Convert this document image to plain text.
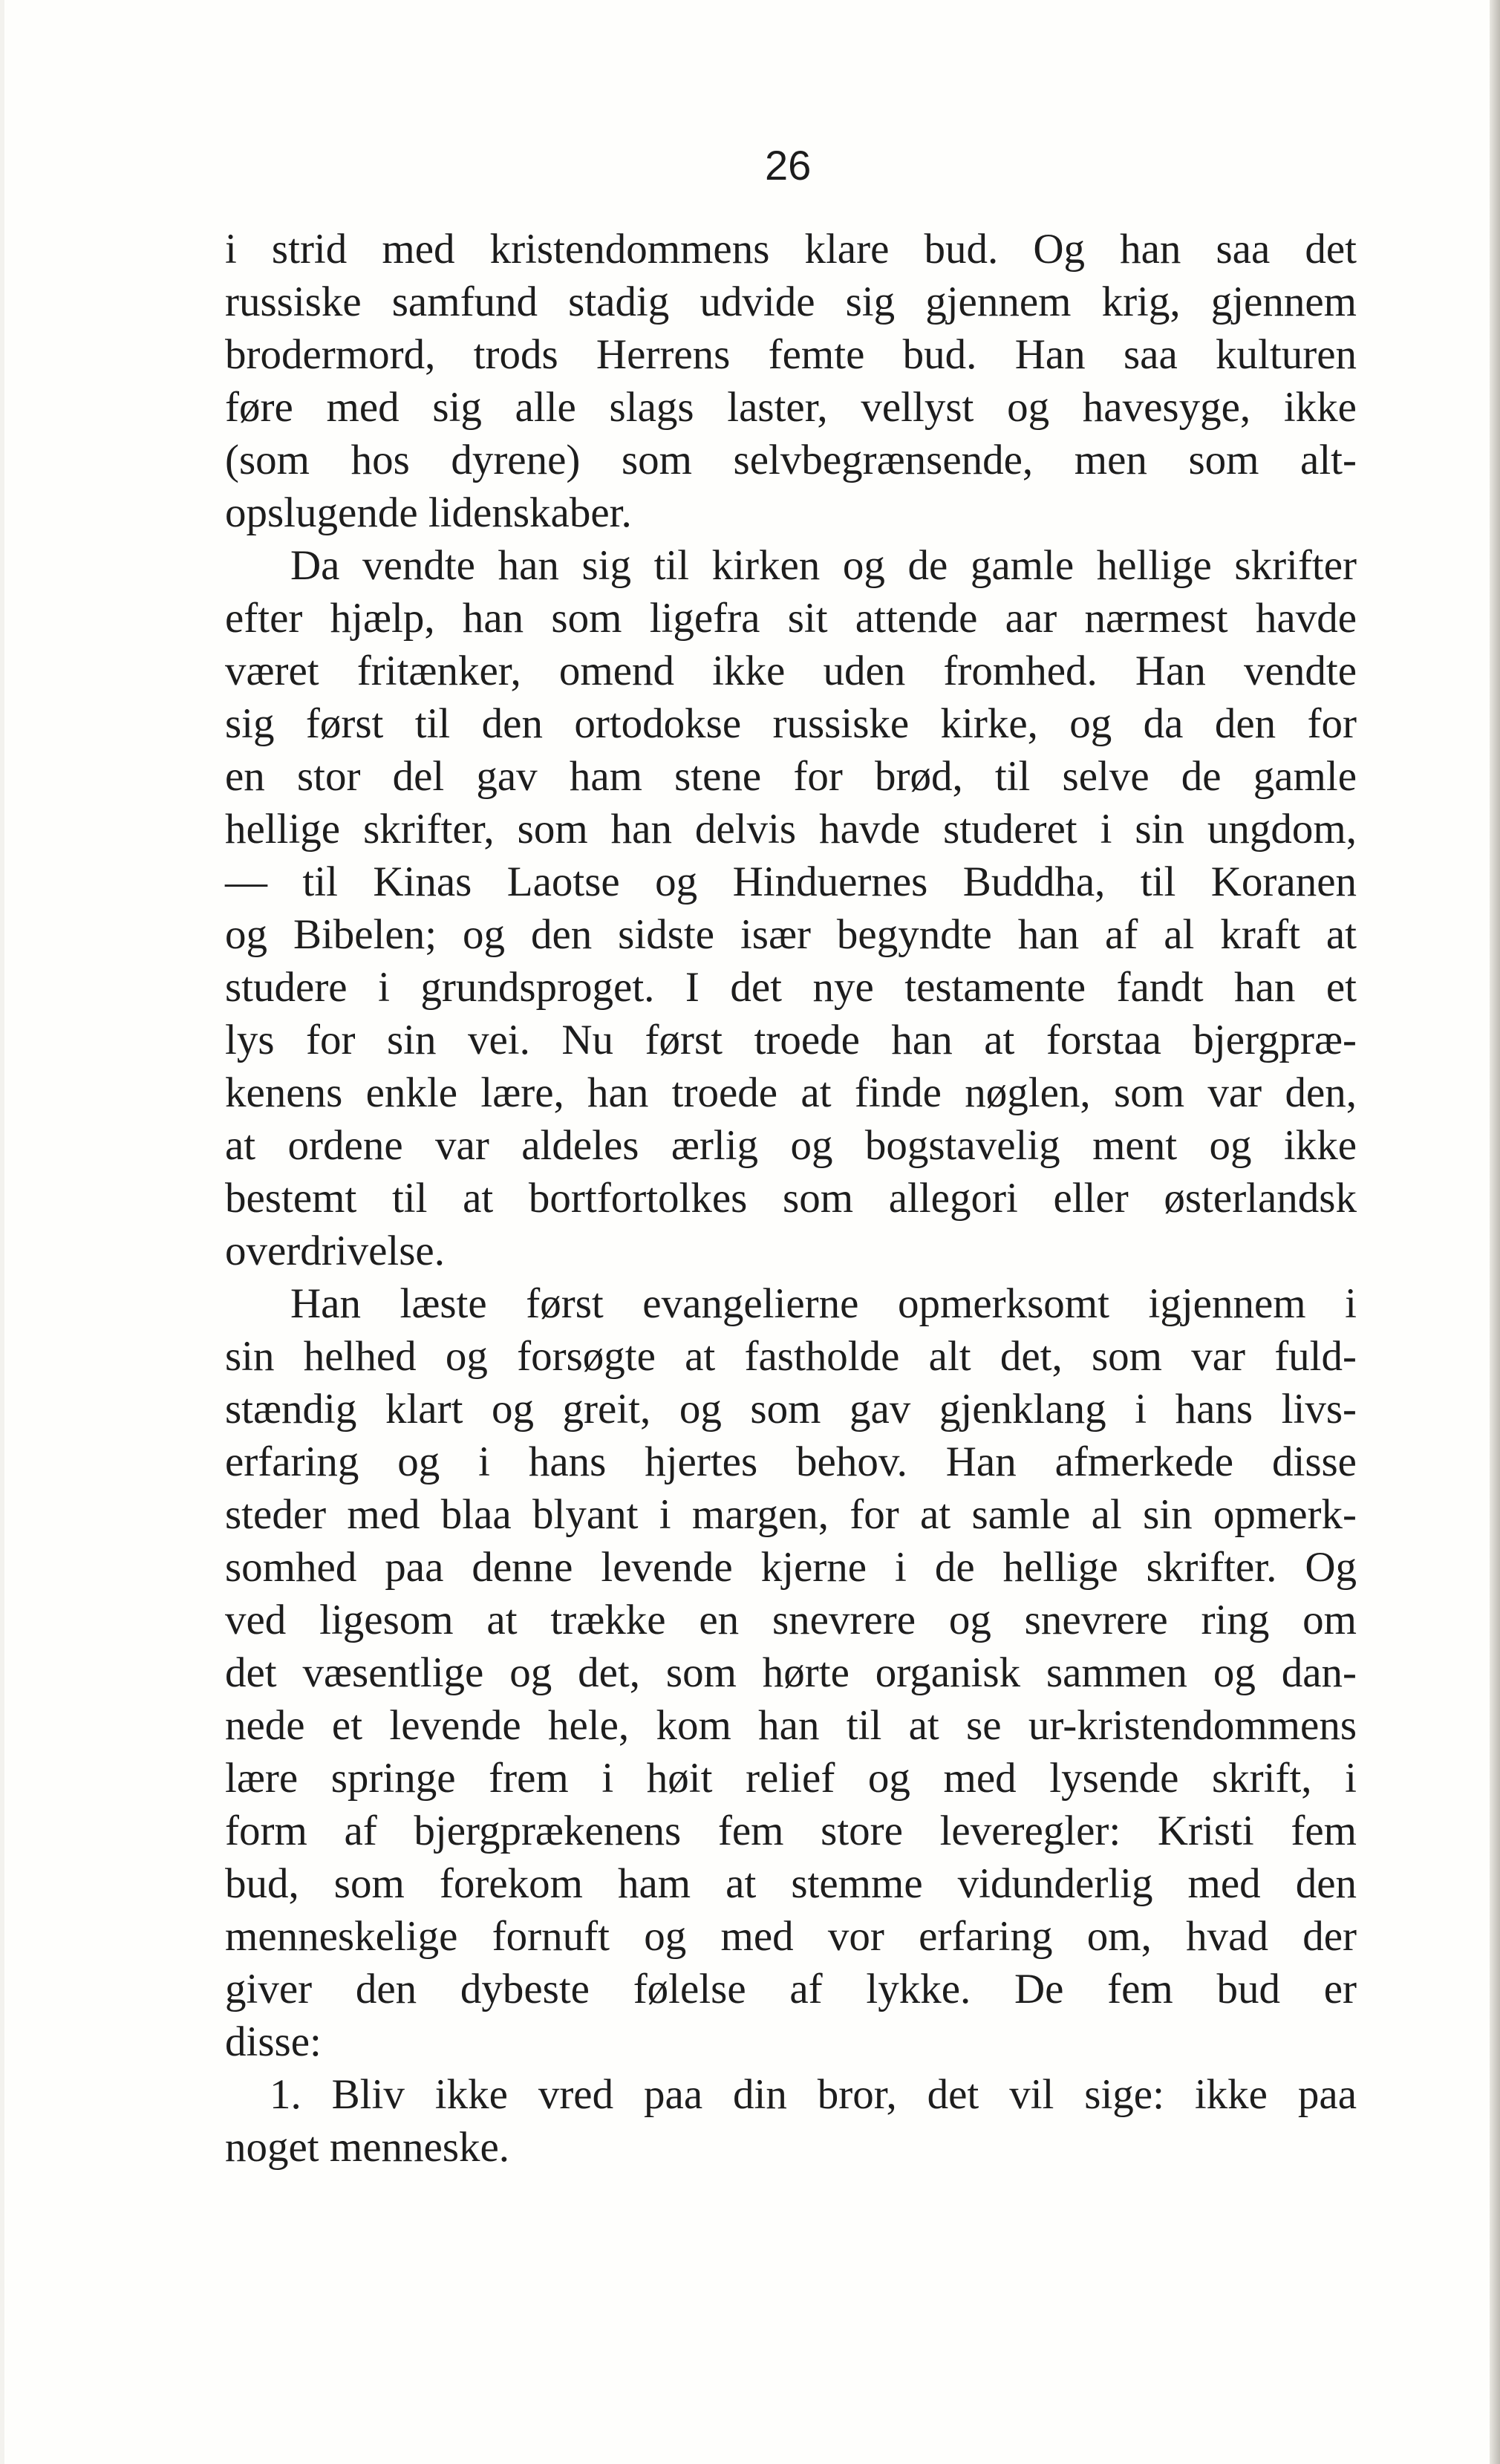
26

i strid med kristendommens klare bud. Og han saa det
russiske samfund stadig udvide sig gjennem krig, gjennem
brodermord, trods Herrens femte bud. Han saa kulturen
føre med sig alle slags laster, vellyst og havesyge, ikke
(som hos dyrene) som selvbegrænsende, men som alt-
opslugende lidenskaber.

Da vendte han sig til kirken og de gamle hellige skrifter
efter hjælp, han som ligefra sit attende aar nærmest havde
været fritænker, omend ikke uden fromhed. Han vendte
sig først til den ortodokse russiske kirke, og da den for
en stor del gav ham stene for brød, til selve de gamle
hellige skrifter, som han delvis havde studeret i sin ungdom,
— til Kinas Laotse og Hinduernes Buddha, til Koranen
og Bibelen; og den sidste især begyndte han af al kraft at
studere i grundsproget. I det nye testamente fandt han et
lys for sin vei. Nu først troede han at forstaa bjergpræ-
kenens enkle lære, han troede at finde nøglen, som var den,
at ordene var aldeles ærlig og bogstavelig ment og ikke
bestemt til at bortfortolkes som allegori eller østerlandsk
overdrivelse.

Han læste først evangelierne opmerksomt igjennem i
sin helhed og forsøgte at fastholde alt det, som var fuld-
stændig klart og greit, og som gav gjenklang i hans livs-
erfaring og i hans hjertes behov. Han afmerkede disse
steder med blaa blyant i margen, for at samle al sin opmerk-
somhed paa denne levende kjerne i de hellige skrifter. Og
ved ligesom at trække en snevrere og snevrere ring om
det væsentlige og det, som hørte organisk sammen og dan-
nede et levende hele, kom han til at se ur-kristendommens
lære springe frem i høit relief og med lysende skrift, i
form af bjergprækenens fem store leveregler: Kristi fem
bud, som forekom ham at stemme vidunderlig med den
menneskelige fornuft og med vor erfaring om, hvad der
giver den dybeste følelse af lykke. De fem bud er
disse:

1. Bliv ikke vred paa din bror, det vil sige: ikke paa
noget menneske.
